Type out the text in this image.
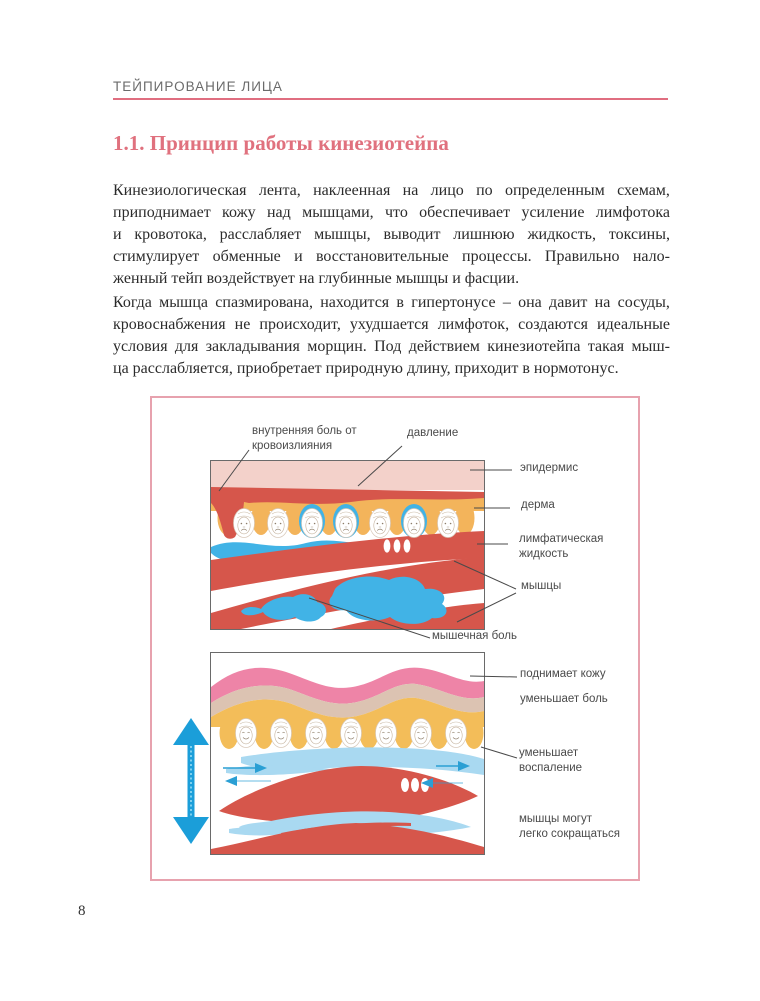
ТЕЙПИРОВАНИЕ ЛИЦА
1.1. Принцип работы кинезиотейпа
Кинезиологическая лента, наклеенная на лицо по определенным схемам,
приподнимает кожу над мышцами, что обеспечивает усиление лимфотока
и кровотока, расслабляет мышцы, выводит лишнюю жидкость, токсины,
стимулирует обменные и восстановительные процессы. Правильно нало-
женный тейп воздействует на глубинные мышцы и фасции.
Когда мышца спазмирована, находится в гипертонусе – она давит на сосуды,
кровоснабжения не происходит, ухудшается лимфоток, создаются идеальные
условия для закладывания морщин. Под действием кинезиотейпа такая мыш-
ца расслабляется, приобретает природную длину, приходит в нормотонус.
внутренняя боль от
кровоизлияния
давление
эпидермис
дерма
лимфатическая
жидкость
мышцы
мышечная боль
поднимает кожу
уменьшает боль
уменьшает
воспаление
мышцы могут
легко сокращаться
8
